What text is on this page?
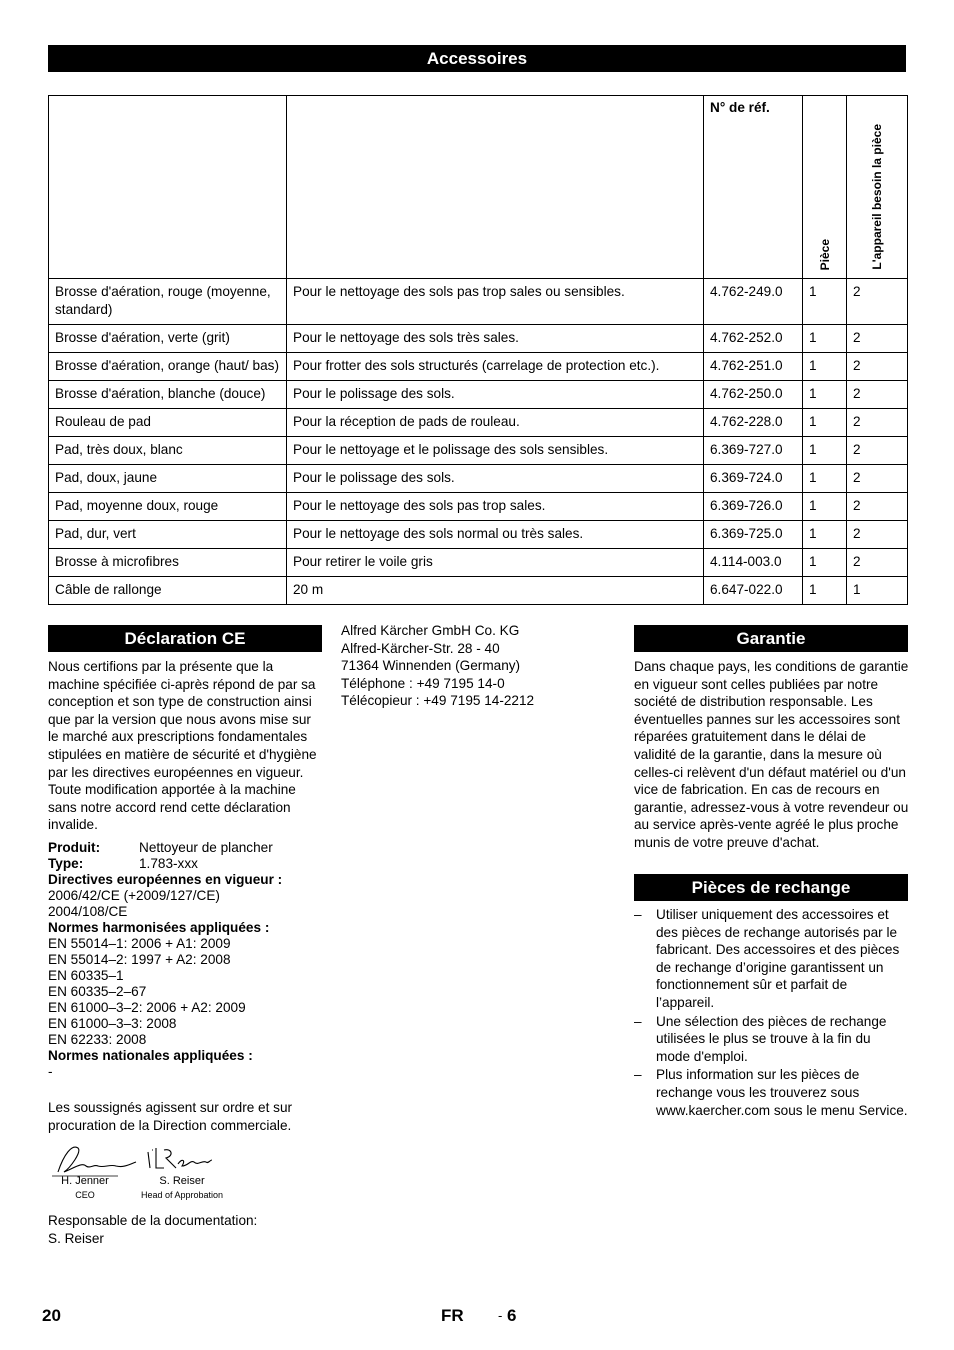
Accessoires

		N° de réf.	Pièce	L'appareil besoin la pièce

Brosse d'aération, rouge (moyenne, standard)	Pour le nettoyage des sols pas trop sales ou sensibles.	4.762-249.0	1	2
Brosse d'aération, verte (grit)	Pour le nettoyage des sols très sales.	4.762-252.0	1	2
Brosse d'aération, orange (haut/ bas)	Pour frotter des sols structurés (carrelage de protection etc.).	4.762-251.0	1	2
Brosse d'aération, blanche (douce)	Pour le polissage des sols.	4.762-250.0	1	2
Rouleau de pad	Pour la réception de pads de rouleau.	4.762-228.0	1	2
Pad, très doux, blanc	Pour le nettoyage et le polissage des sols sensibles.	6.369-727.0	1	2
Pad, doux, jaune	Pour le polissage des sols.	6.369-724.0	1	2
Pad, moyenne doux, rouge	Pour le nettoyage des sols pas trop sales.	6.369-726.0	1	2
Pad, dur, vert	Pour le nettoyage des sols normal ou très sales.	6.369-725.0	1	2
Brosse à microfibres	Pour retirer le voile gris	4.114-003.0	1	2
Câble de rallonge	20 m	6.647-022.0	1	1
Déclaration CE
Nous certifions par la présente que la machine spécifiée ci-après répond de par sa conception et son type de construction ainsi que par la version que nous avons mise sur le marché aux prescriptions fondamentales stipulées en matière de sécurité et d'hygiène par les directives européennes en vigueur. Toute modification apportée à la machine sans notre accord rend cette déclaration invalide.
Produit:	Nettoyeur de plancher
Type:	1.783-xxx
Directives européennes en vigueur :
2006/42/CE (+2009/127/CE)
2004/108/CE
Normes harmonisées appliquées :
EN 55014–1: 2006 + A1: 2009
EN 55014–2: 1997 + A2: 2008
EN 60335–1
EN 60335–2–67
EN 61000–3–2: 2006 + A2: 2009
EN 61000–3–3: 2008
EN 62233: 2008
Normes nationales appliquées :
-
Les soussignés agissent sur ordre et sur procuration de la Direction commerciale.
H. Jenner
CEO
S. Reiser
Head of Approbation
Responsable de la documentation:
S. Reiser
Alfred Kärcher GmbH Co. KG
Alfred-Kärcher-Str. 28 - 40
71364 Winnenden (Germany)
Téléphone : +49 7195 14-0
Télécopieur : +49 7195 14-2212
Garantie
Dans chaque pays, les conditions de garantie en vigueur sont celles publiées par notre société de distribution responsable. Les éventuelles pannes sur les accessoires sont réparées gratuitement dans le délai de validité de la garantie, dans la mesure où celles-ci relèvent d'un défaut matériel ou d'un vice de fabrication. En cas de recours en garantie, adressez-vous à votre revendeur ou au service après-vente agréé le plus proche munis de votre preuve d'achat.
Pièces de rechange
– Utiliser uniquement des accessoires et des pièces de rechange autorisés par le fabricant. Des accessoires et des pièces de rechange d’origine garantissent un fonctionnement sûr et parfait de l’appareil.
– Une sélection des pièces de rechange utilisées le plus se trouve à la fin du mode d'emploi.
– Plus information sur les pièces de rechange vous les trouverez sous www.kaercher.com sous le menu Service.
20	FR	- 6
